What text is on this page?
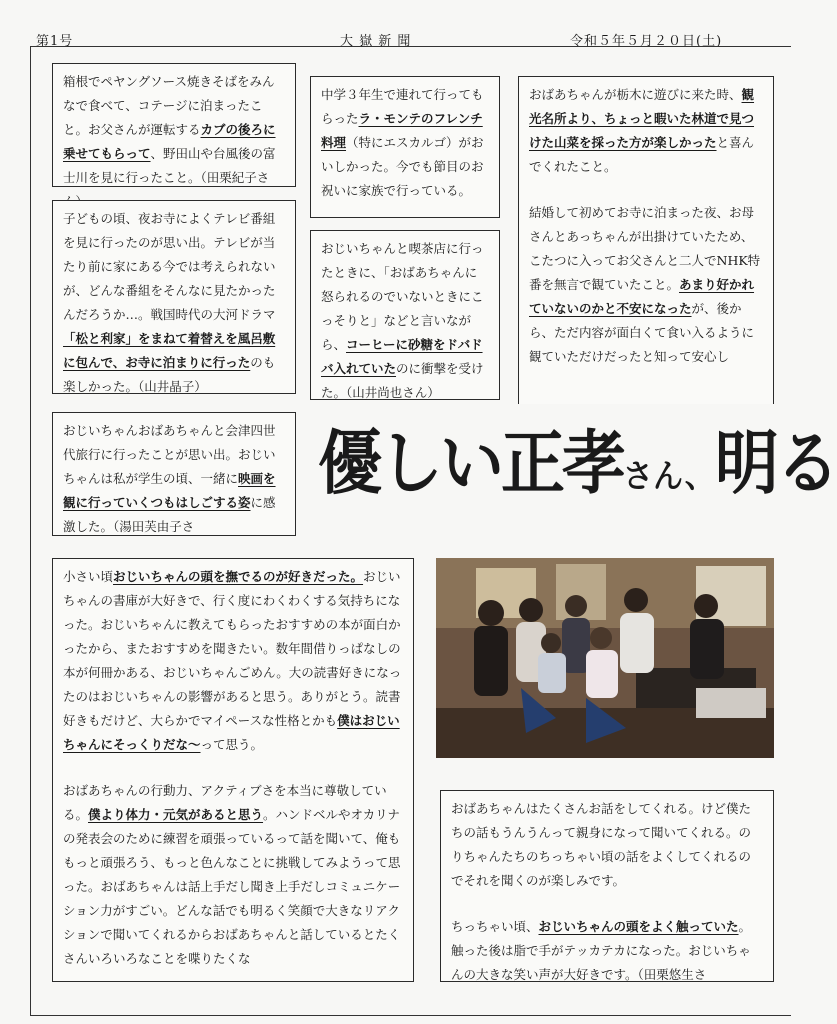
第1号	大 嶽 新 聞	令和５年５月２０日(土)

箱根でペヤングソース焼きそばをみんなで食べて、コテージに泊まったこと。お父さんが運転するカブの後ろに乗せてもらって、野田山や台風後の富士川を見に行ったこと。（田栗紀子さ

中学３年生で連れて行ってもらったラ・モンテのフレンチ料理（特にエスカルゴ）がおいしかった。今でも節目のお祝いに家族で行っている。

おばあちゃんが栃木に遊びに来た時、観光名所より、ちょっと暇いた林道で見つけた山菜を採った方が楽しかったと喜んでくれたこと。

結婚して初めてお寺に泊まった夜、お母さんとあっちゃんが出掛けていたため、こたつに入ってお父さんと二人でNHK特番を無言で観ていたこと。あまり好かれていないのかと不安になったが、後から、ただ内容が面白くて食い入るように観ていただけだったと知って安心し

子どもの頃、夜お寺によくテレビ番組を見に行ったのが思い出。テレビが当たり前に家にある今では考えられないが、どんな番組をそんなに見たかったんだろうか…。戦国時代の大河ドラマ「松と利家」をまねて着替えを風呂敷に包んで、お寺に泊まりに行ったのも楽しかった。（山井晶子）

おじいちゃんと喫茶店に行ったときに、「おばあちゃんに怒られるのでいないときにこっそりと」などと言いながら、コーヒーに砂糖をドバドバ入れていたのに衝撃を受けた。（山井尚也さん）

おじいちゃんおばあちゃんと会津四世代旅行に行ったことが思い出。おじいちゃんは私が学生の頃、一緒に映画を観に行っていくつもはしごする姿に感激した。（湯田芙由子さ

優しい正孝さん、明る

小さい頃おじいちゃんの頭を撫でるのが好きだった。おじいちゃんの書庫が大好きで、行く度にわくわくする気持ちになった。おじいちゃんに教えてもらったおすすめの本が面白かったから、またおすすめを聞きたい。数年間借りっぱなしの本が何冊かある、おじいちゃんごめん。大の読書好きになったのはおじいちゃんの影響があると思う。ありがとう。読書好きもだけど、大らかでマイペースな性格とかも僕はおじいちゃんにそっくりだな～って思う。

おばあちゃんの行動力、アクティブさを本当に尊敬している。僕より体力・元気があると思う。ハンドベルやオカリナの発表会のために練習を頑張っているって話を聞いて、俺ももっと頑張ろう、もっと色んなことに挑戦してみようって思った。おばあちゃんは話上手だし聞き上手だしコミュニケーション力がすごい。どんな話でも明るく笑顔で大きなリアクションで聞いてくれるからおばあちゃんと話しているとたくさんいろいろなことを喋りたくな

おばあちゃんはたくさんお話をしてくれる。けど僕たちの話もうんうんって親身になって聞いてくれる。のりちゃんたちのちっちゃい頃の話をよくしてくれるのでそれを聞くのが楽しみです。

ちっちゃい頃、おじいちゃんの頭をよく触っていた。触った後は脂で手がテッカテカになった。おじいちゃんの大きな笑い声が大好きです。（田栗悠生さ
